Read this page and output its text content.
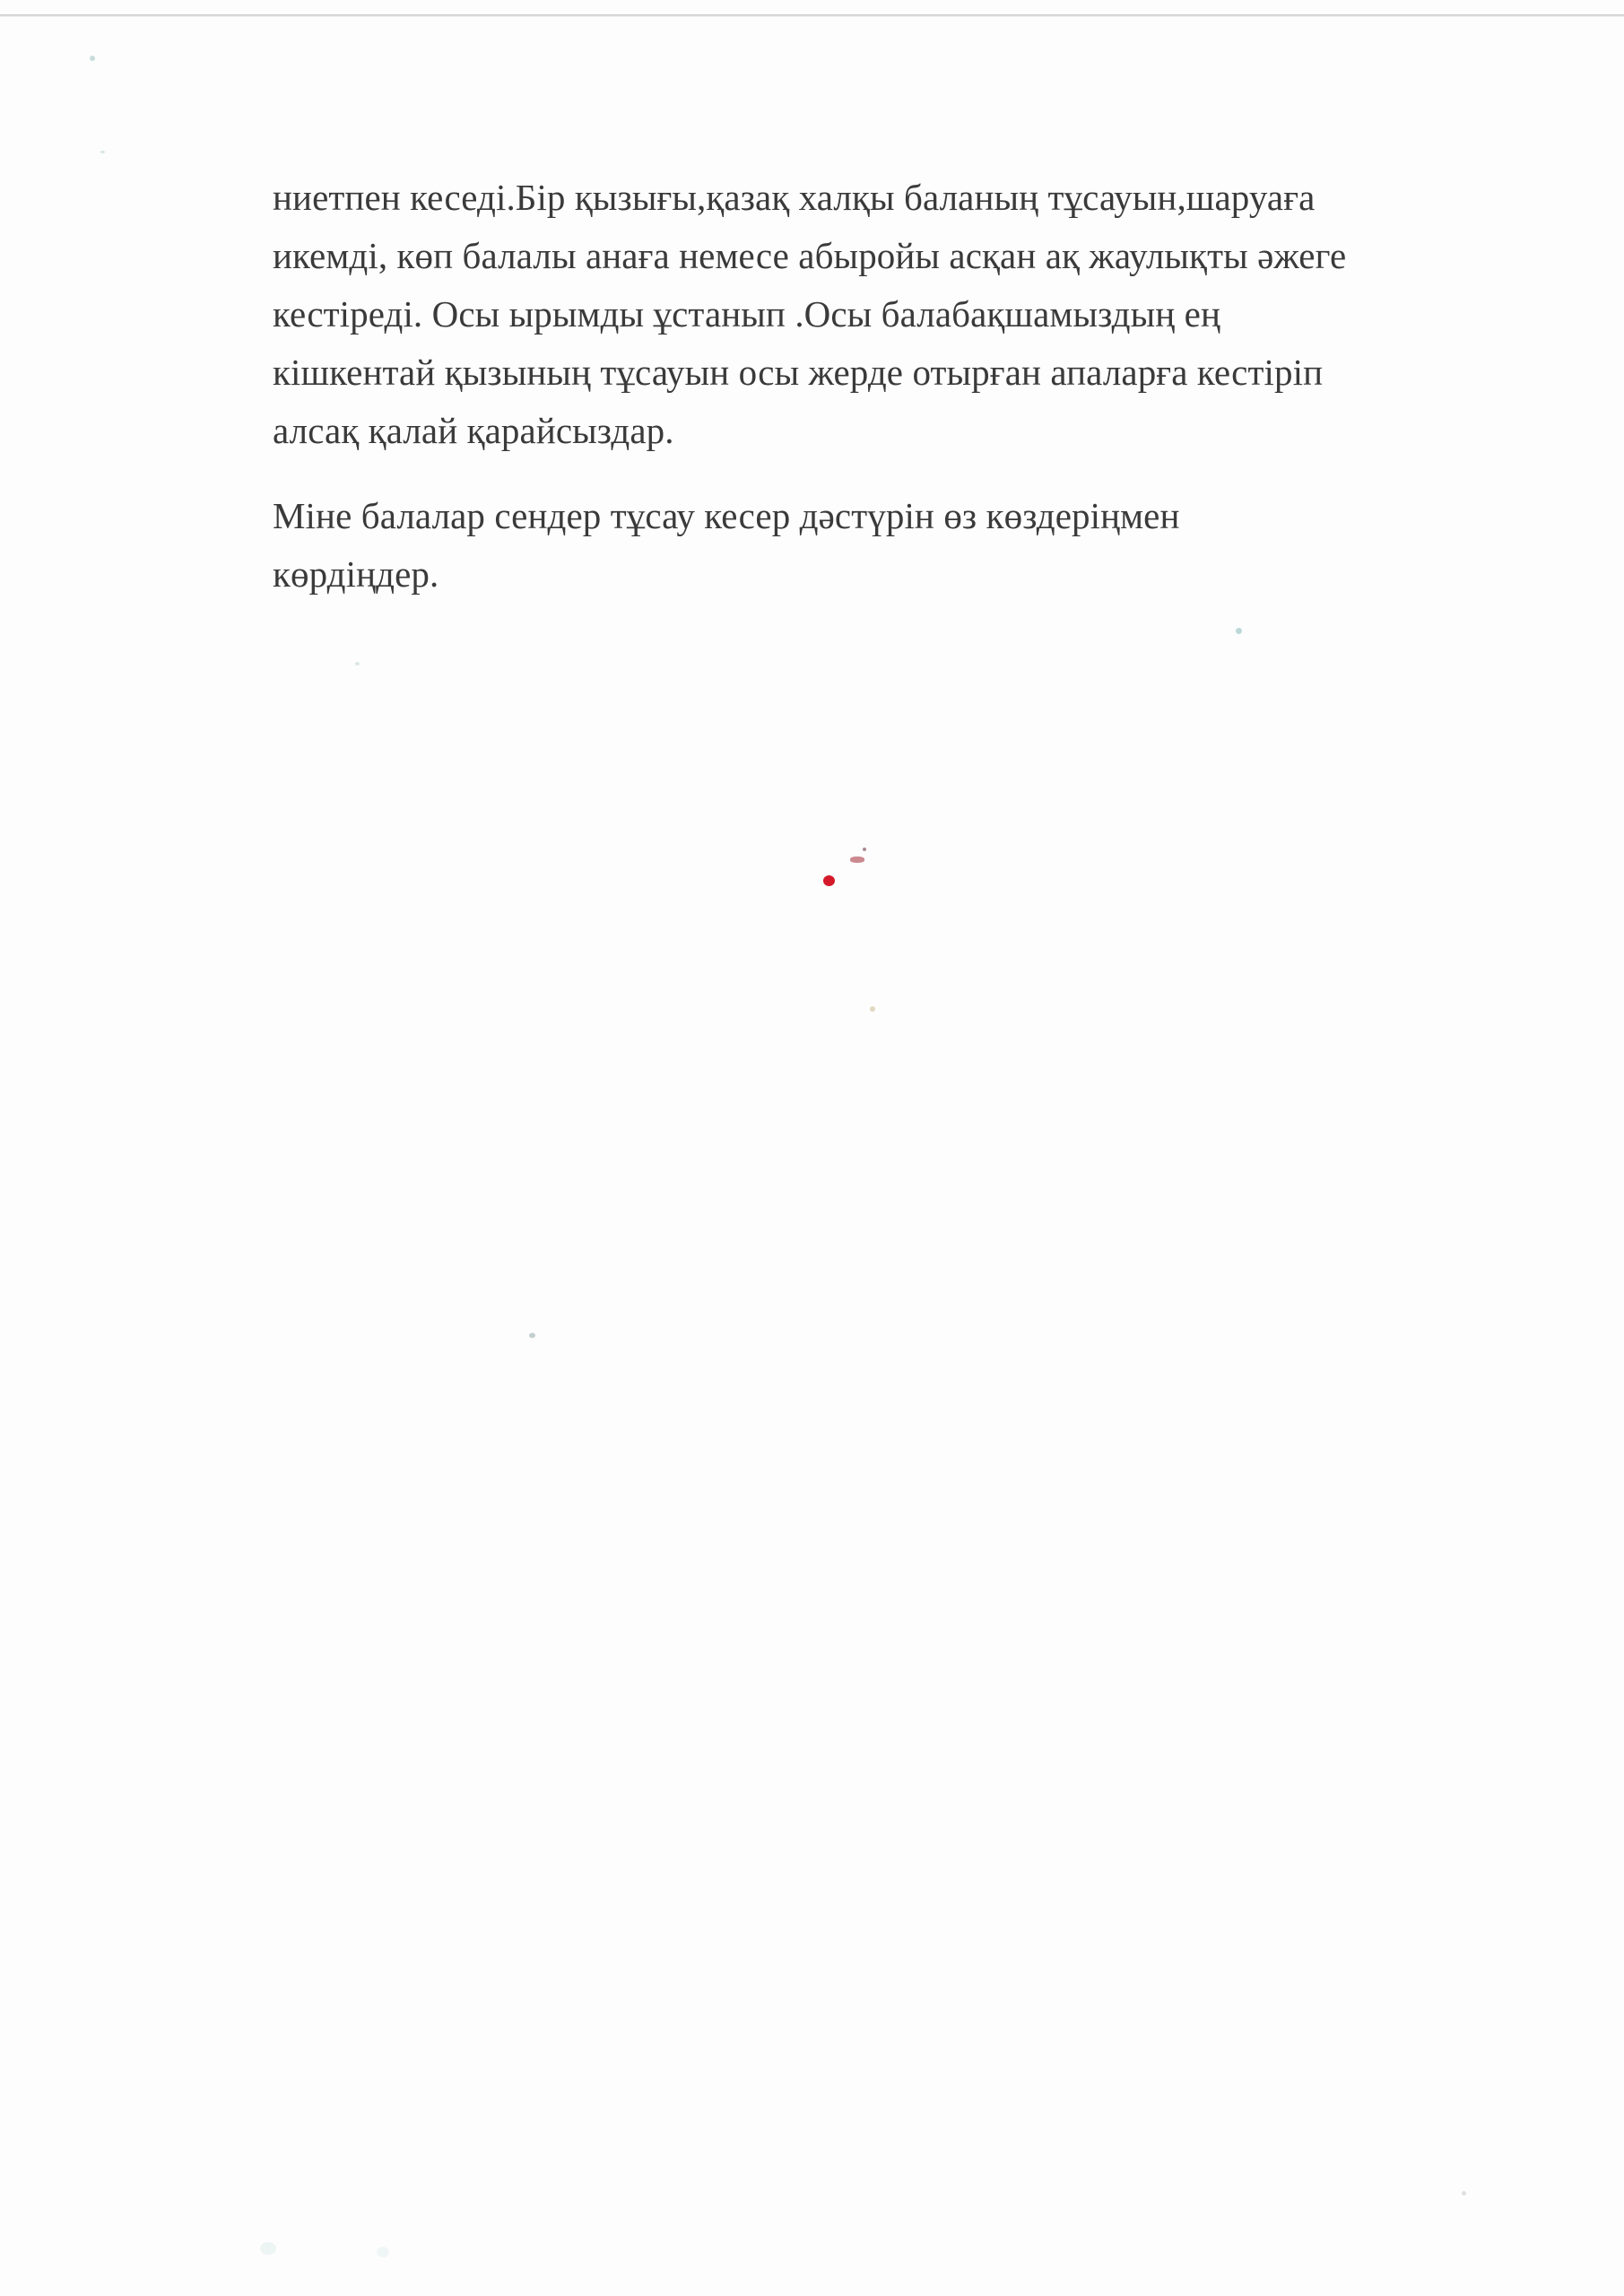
ниетпен кеседі.Бір қызығы,қазақ халқы баланың тұсауын,шаруаға
икемді, көп балалы анаға немесе абыройы асқан ақ жаулықты әжеге
кестіреді. Осы ырымды ұстанып .Осы балабақшамыздың ең
кішкентай қызының тұсауын осы жерде отырған апаларға кестіріп
алсақ қалай қарайсыздар.

Міне балалар сендер тұсау кесер дәстүрін өз көздеріңмен
көрдіңдер.
